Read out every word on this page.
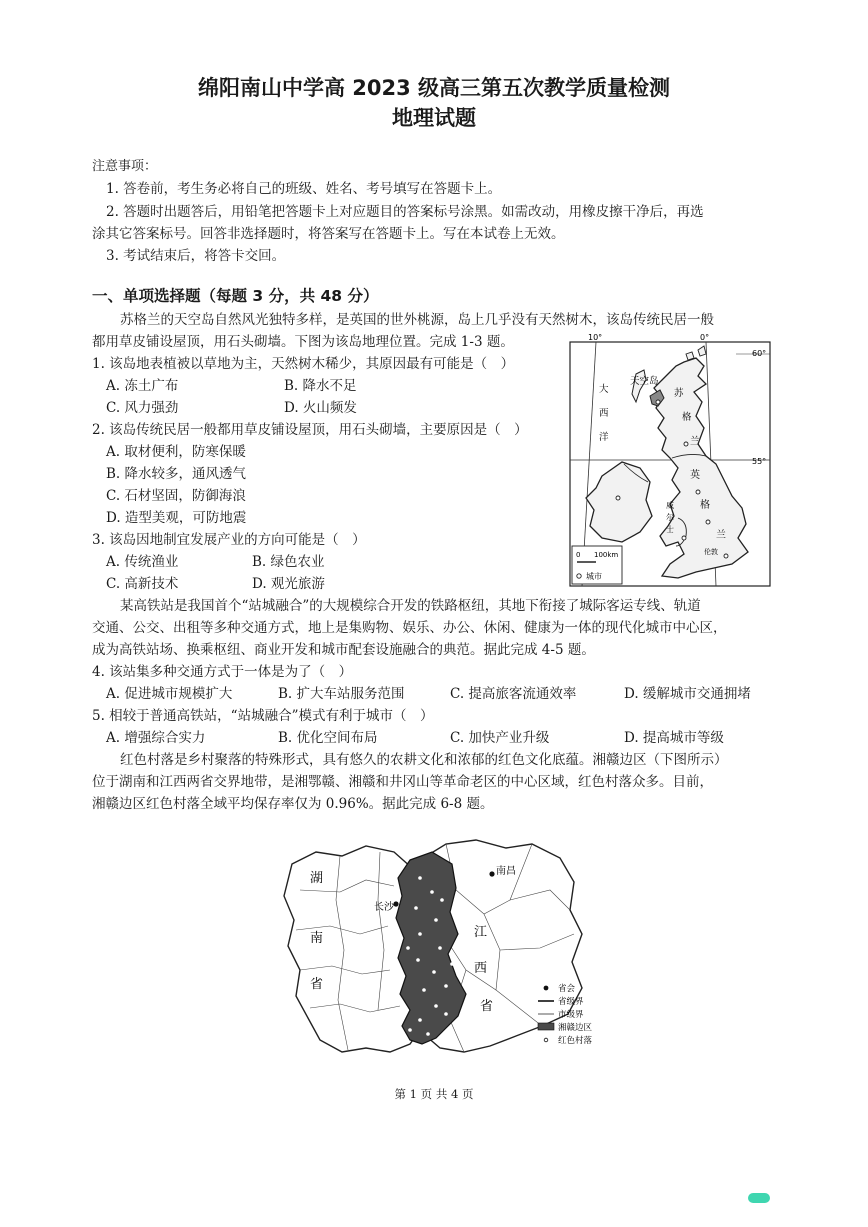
绵阳南山中学高 2023 级高三第五次教学质量检测
地理试题
注意事项：
1. 答卷前，考生务必将自己的班级、姓名、考号填写在答题卡上。
2. 答题时出题答后，用铅笔把答题卡上对应题目的答案标号涂黑。如需改动，用橡皮擦干净后，再选
涂其它答案标号。回答非选择题时，将答案写在答题卡上。写在本试卷上无效。
3. 考试结束后，将答卡交回。
一、单项选择题（每题 3 分，共 48 分）
苏格兰的天空岛自然风光独特多样，是英国的世外桃源，岛上几乎没有天然树木，该岛传统民居一般
都用草皮铺设屋顶，用石头砌墙。下图为该岛地理位置。完成 1-3 题。
1. 该岛地表植被以草地为主，天然树木稀少，其原因最有可能是（　）
A. 冻土广布	B. 降水不足
C. 风力强劲	D. 火山频发
2. 该岛传统民居一般都用草皮铺设屋顶，用石头砌墙，主要原因是（　）
A. 取材便利，防寒保暖
B. 降水较多，通风透气
C. 石材坚固，防御海浪
D. 造型美观，可防地震
3. 该岛因地制宜发展产业的方向可能是（　）
A. 传统渔业	B. 绿色农业
C. 高新技术	D. 观光旅游
10°	0°
60°
55°
大
西
洋
天空岛
苏
格
兰
英
格
兰
威
尔
士
伦敦
0 100km
城市
某高铁站是我国首个“站城融合”的大规模综合开发的铁路枢纽，其地下衔接了城际客运专线、轨道
交通、公交、出租等多种交通方式，地上是集购物、娱乐、办公、休闲、健康为一体的现代化城市中心区，
成为高铁站场、换乘枢纽、商业开发和城市配套设施融合的典范。据此完成 4-5 题。
4. 该站集多种交通方式于一体是为了（　）
A. 促进城市规模扩大	B. 扩大车站服务范围	C. 提高旅客流通效率	D. 缓解城市交通拥堵
5. 相较于普通高铁站，“站城融合”模式有利于城市（　）
A. 增强综合实力	B. 优化空间布局	C. 加快产业升级	D. 提高城市等级
红色村落是乡村聚落的特殊形式，具有悠久的农耕文化和浓郁的红色文化底蕴。湘赣边区（下图所示）
位于湖南和江西两省交界地带，是湘鄂赣、湘赣和井冈山等革命老区的中心区域，红色村落众多。目前，
湘赣边区红色村落全域平均保存率仅为 0.96%。据此完成 6-8 题。
湖
南
省
长沙
南昌
江
西
省
省会
省级界
市级界
湘赣边区
红色村落
第 1 页 共 4 页
